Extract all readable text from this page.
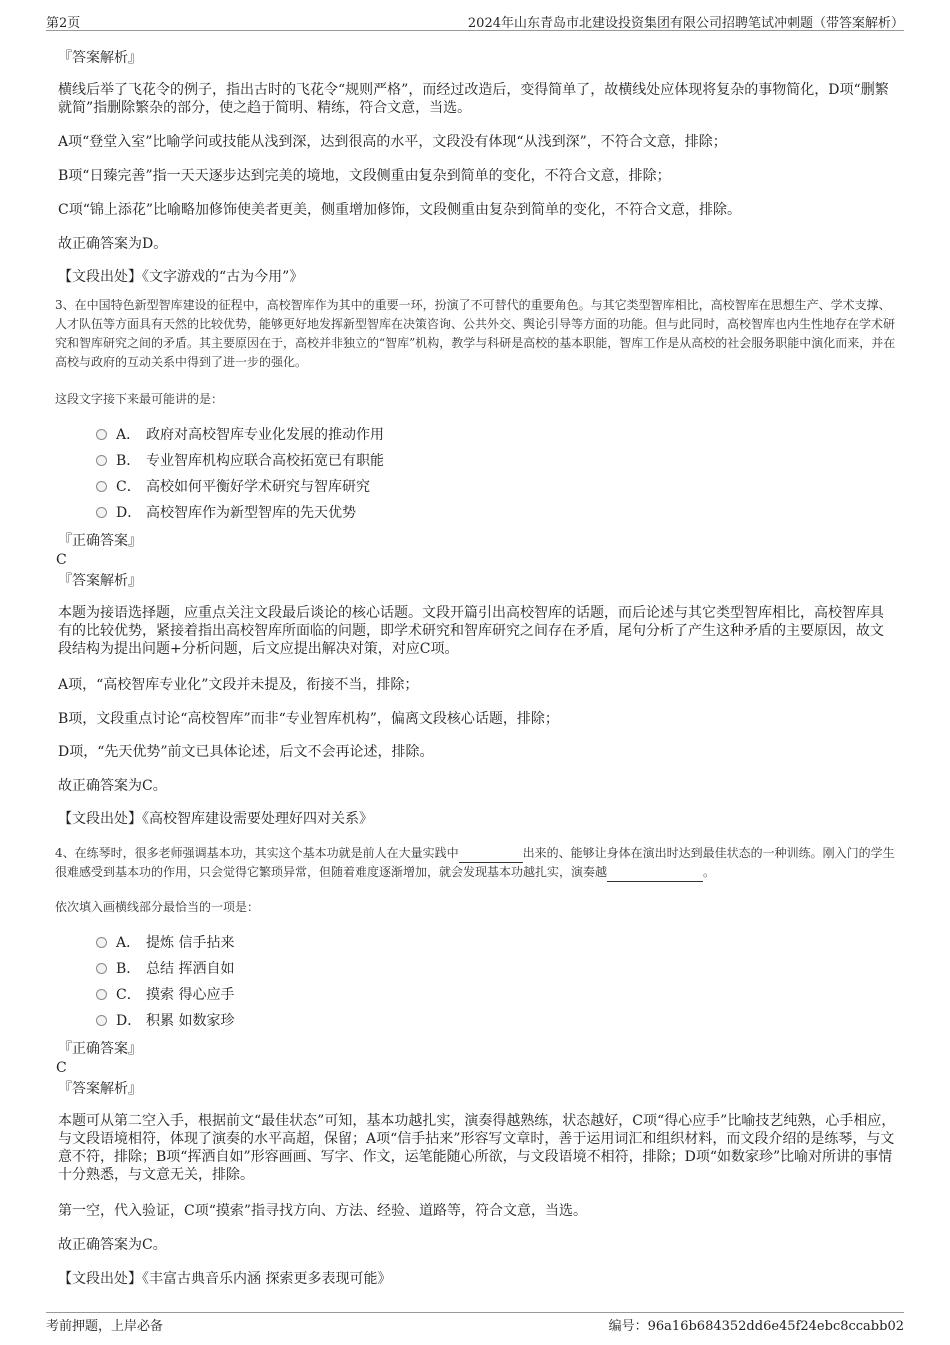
第2页	2024年山东青岛市北建设投资集团有限公司招聘笔试冲刺题（带答案解析）
『答案解析』
横线后举了飞花令的例子，指出古时的飞花令“规则严格”，而经过改造后，变得简单了，故横线处应体现将复杂的事物简化，D项“删繁就简”指删除繁杂的部分，使之趋于简明、精练，符合文意，当选。
A项“登堂入室”比喻学问或技能从浅到深，达到很高的水平，文段没有体现“从浅到深”，不符合文意，排除；
B项“日臻完善”指一天天逐步达到完美的境地，文段侧重由复杂到简单的变化，不符合文意，排除；
C项“锦上添花”比喻略加修饰使美者更美，侧重增加修饰，文段侧重由复杂到简单的变化，不符合文意，排除。
故正确答案为D。
【文段出处】《文字游戏的“古为今用”》
3、在中国特色新型智库建设的征程中，高校智库作为其中的重要一环，扮演了不可替代的重要角色。与其它类型智库相比，高校智库在思想生产、学术支撑、人才队伍等方面具有天然的比较优势，能够更好地发挥新型智库在决策咨询、公共外交、舆论引导等方面的功能。但与此同时，高校智库也内生性地存在学术研究和智库研究之间的矛盾。其主要原因在于，高校并非独立的“智库”机构，教学与科研是高校的基本职能，智库工作是从高校的社会服务职能中演化而来，并在高校与政府的互动关系中得到了进一步的强化。
这段文字接下来最可能讲的是：
A． 政府对高校智库专业化发展的推动作用
B． 专业智库机构应联合高校拓宽已有职能
C． 高校如何平衡好学术研究与智库研究
D． 高校智库作为新型智库的先天优势
『正确答案』
C
『答案解析』
本题为接语选择题，应重点关注文段最后谈论的核心话题。文段开篇引出高校智库的话题，而后论述与其它类型智库相比，高校智库具有的比较优势，紧接着指出高校智库所面临的问题，即学术研究和智库研究之间存在矛盾，尾句分析了产生这种矛盾的主要原因，故文段结构为提出问题+分析问题，后文应提出解决对策，对应C项。
A项，“高校智库专业化”文段并未提及，衔接不当，排除；
B项，文段重点讨论“高校智库”而非“专业智库机构”，偏离文段核心话题，排除；
D项，“先天优势”前文已具体论述，后文不会再论述，排除。
故正确答案为C。
【文段出处】《高校智库建设需要处理好四对关系》
4、在练琴时，很多老师强调基本功，其实这个基本功就是前人在大量实践中	出来的、能够让身体在演出时达到最佳状态的一种训练。刚入门的学生很难感受到基本功的作用，只会觉得它繁琐异常，但随着难度逐渐增加，就会发现基本功越扎实，演奏越	。
依次填入画横线部分最恰当的一项是：
A． 提炼 信手拈来
B． 总结 挥洒自如
C． 摸索 得心应手
D． 积累 如数家珍
『正确答案』
C
『答案解析』
本题可从第二空入手，根据前文“最佳状态”可知，基本功越扎实，演奏得越熟练，状态越好，C项“得心应手”比喻技艺纯熟，心手相应，与文段语境相符，体现了演奏的水平高超，保留；A项“信手拈来”形容写文章时，善于运用词汇和组织材料，而文段介绍的是练琴，与文意不符，排除；B项“挥洒自如”形容画画、写字、作文，运笔能随心所欲，与文段语境不相符，排除；D项“如数家珍”比喻对所讲的事情十分熟悉，与文意无关，排除。
第一空，代入验证，C项“摸索”指寻找方向、方法、经验、道路等，符合文意，当选。
故正确答案为C。
【文段出处】《丰富古典音乐内涵 探索更多表现可能》
考前押题，上岸必备	编号：96a16b684352dd6e45f24ebc8ccabb02
